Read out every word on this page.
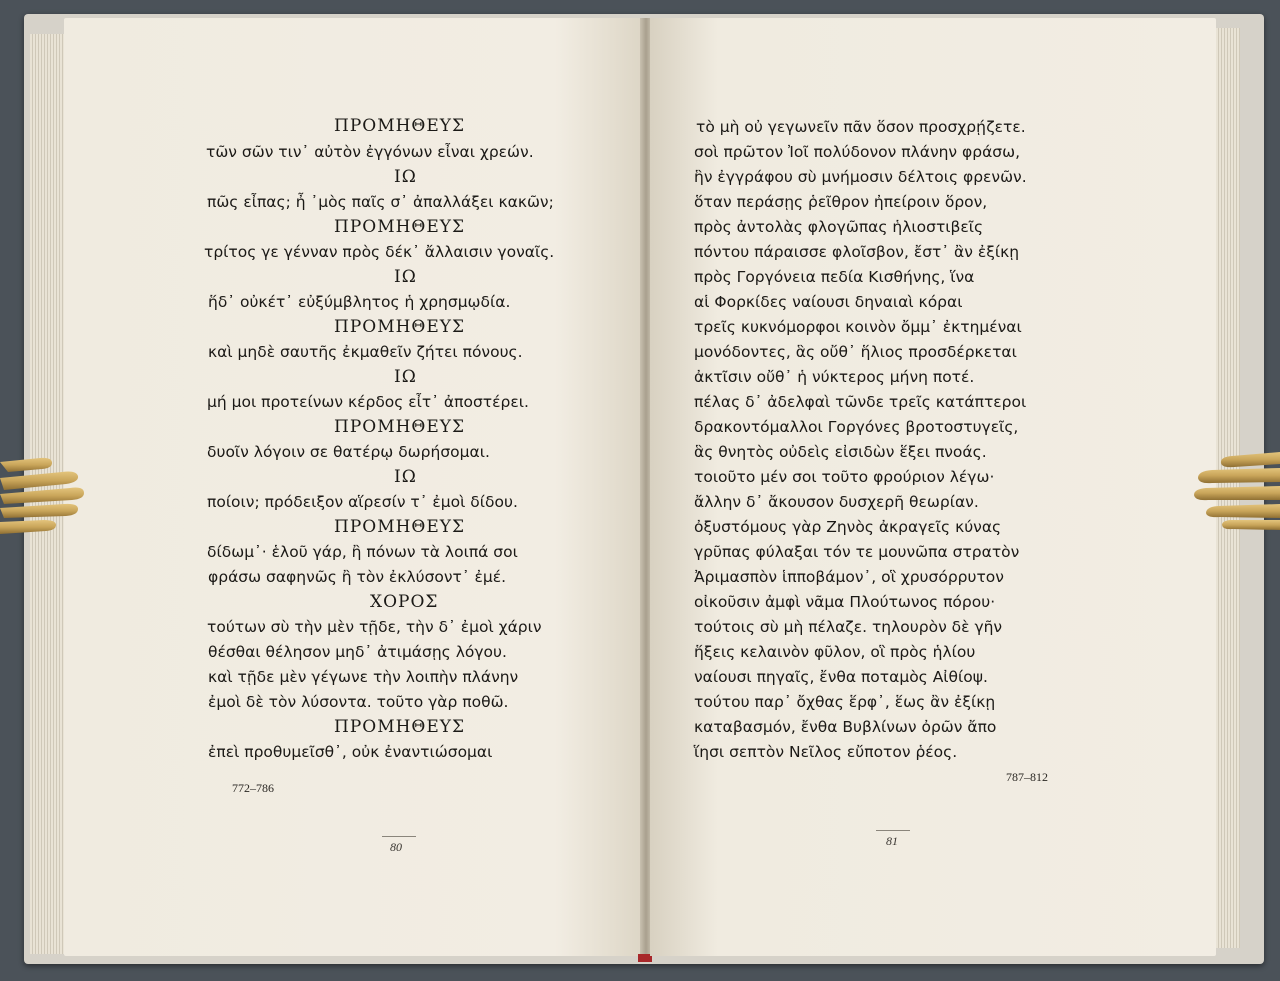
ΠΡΟΜΗΘΕΥΣ
τῶν σῶν τιν᾽ αὐτὸν ἐγγόνων εἶναι χρεών.
ΙΩ
πῶς εἶπας; ἦ ᾽μὸς παῖς σ᾽ ἀπαλλάξει κακῶν;
ΠΡΟΜΗΘΕΥΣ
τρίτος γε γένναν πρὸς δέκ᾽ ἄλλαισιν γοναῖς.
ΙΩ
ἥδ᾽ οὐκέτ᾽ εὐξύμβλητος ἡ χρησμῳδία.
ΠΡΟΜΗΘΕΥΣ
καὶ μηδὲ σαυτῆς ἐκμαθεῖν ζήτει πόνους.
ΙΩ
μή μοι προτείνων κέρδος εἶτ᾽ ἀποστέρει.
ΠΡΟΜΗΘΕΥΣ
δυοῖν λόγοιν σε θατέρῳ δωρήσομαι.
ΙΩ
ποίοιν; πρόδειξον αἵρεσίν τ᾽ ἐμοὶ δίδου.
ΠΡΟΜΗΘΕΥΣ
δίδωμ᾽· ἑλοῦ γάρ, ἢ πόνων τὰ λοιπά σοι
φράσω σαφηνῶς ἢ τὸν ἐκλύσοντ᾽ ἐμέ.
ΧΟΡΟΣ
τούτων σὺ τὴν μὲν τῇδε, τὴν δ᾽ ἐμοὶ χάριν
θέσθαι θέλησον μηδ᾽ ἀτιμάσῃς λόγου.
καὶ τῇδε μὲν γέγωνε τὴν λοιπὴν πλάνην
ἐμοὶ δὲ τὸν λύσοντα. τοῦτο γὰρ ποθῶ.
ΠΡΟΜΗΘΕΥΣ
ἐπεὶ προθυμεῖσθ᾽, οὐκ ἐναντιώσομαι
772–786
80
τὸ μὴ οὐ γεγωνεῖν πᾶν ὅσον προσχρῄζετε.
σοὶ πρῶτον Ἰοῖ πολύδονον πλάνην φράσω,
ἣν ἐγγράφου σὺ μνήμοσιν δέλτοις φρενῶν.
ὅταν περάσῃς ῥεῖθρον ἠπείροιν ὅρον,
πρὸς ἀντολὰς φλογῶπας ἡλιοστιβεῖς
πόντου πάραισσε φλοῖσβον, ἔστ᾽ ἂν ἐξίκῃ
πρὸς Γοργόνεια πεδία Κισθήνης, ἵνα
αἱ Φορκίδες ναίουσι δηναιαὶ κόραι
τρεῖς κυκνόμορφοι κοινὸν ὄμμ᾽ ἐκτημέναι
μονόδοντες, ἃς οὔθ᾽ ἥλιος προσδέρκεται
ἀκτῖσιν οὔθ᾽ ἡ νύκτερος μήνη ποτέ.
πέλας δ᾽ ἀδελφαὶ τῶνδε τρεῖς κατάπτεροι
δρακοντόμαλλοι Γοργόνες βροτοστυγεῖς,
ἃς θνητὸς οὐδεὶς εἰσιδὼν ἕξει πνοάς.
τοιοῦτο μέν σοι τοῦτο φρούριον λέγω·
ἄλλην δ᾽ ἄκουσον δυσχερῆ θεωρίαν.
ὀξυστόμους γὰρ Ζηνὸς ἀκραγεῖς κύνας
γρῦπας φύλαξαι τόν τε μουνῶπα στρατὸν
Ἀριμασπὸν ἱπποβάμον᾽, οἳ χρυσόρρυτον
οἰκοῦσιν ἀμφὶ νᾶμα Πλούτωνος πόρου·
τούτοις σὺ μὴ πέλαζε. τηλουρὸν δὲ γῆν
ἥξεις κελαινὸν φῦλον, οἳ πρὸς ἡλίου
ναίουσι πηγαῖς, ἔνθα ποταμὸς Αἰθίοψ.
τούτου παρ᾽ ὄχθας ἕρφ᾽, ἕως ἂν ἐξίκῃ
καταβασμόν, ἔνθα Βυβλίνων ὀρῶν ἄπο
ἵησι σεπτὸν Νεῖλος εὔποτον ῥέος.
787–812
81
